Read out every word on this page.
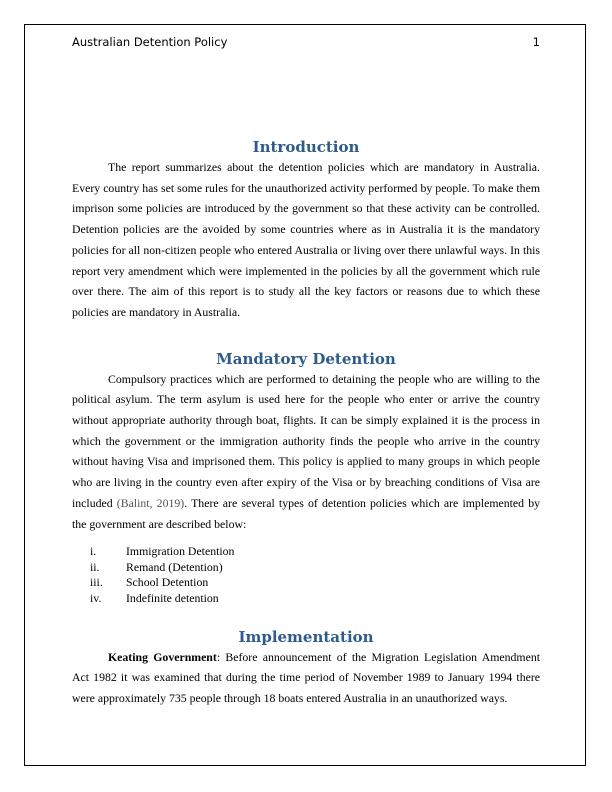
Australian Detention Policy	1
Introduction

The report summarizes about the detention policies which are mandatory in Australia. Every country has set some rules for the unauthorized activity performed by people. To make them imprison some policies are introduced by the government so that these activity can be controlled. Detention policies are the avoided by some countries where as in Australia it is the mandatory policies for all non-citizen people who entered Australia or living over there unlawful ways. In this report very amendment which were implemented in the policies by all the government which rule over there. The aim of this report is to study all the key factors or reasons due to which these policies are mandatory in Australia.

Mandatory Detention

Compulsory practices which are performed to detaining the people who are willing to the political asylum. The term asylum is used here for the people who enter or arrive the country without appropriate authority through boat, flights. It can be simply explained it is the process in which the government or the immigration authority finds the people who arrive in the country without having Visa and imprisoned them. This policy is applied to many groups in which people who are living in the country even after expiry of the Visa or by breaching conditions of Visa are included (Balint, 2019). There are several types of detention policies which are implemented by the government are described below:

i.	Immigration Detention
ii. Remand (Detention)
iii. School Detention
iv. Indefinite detention
Implementation

Keating Government: Before announcement of the Migration Legislation Amendment Act 1982 it was examined that during the time period of November 1989 to January 1994 there were approximately 735 people through 18 boats entered Australia in an unauthorized ways.
